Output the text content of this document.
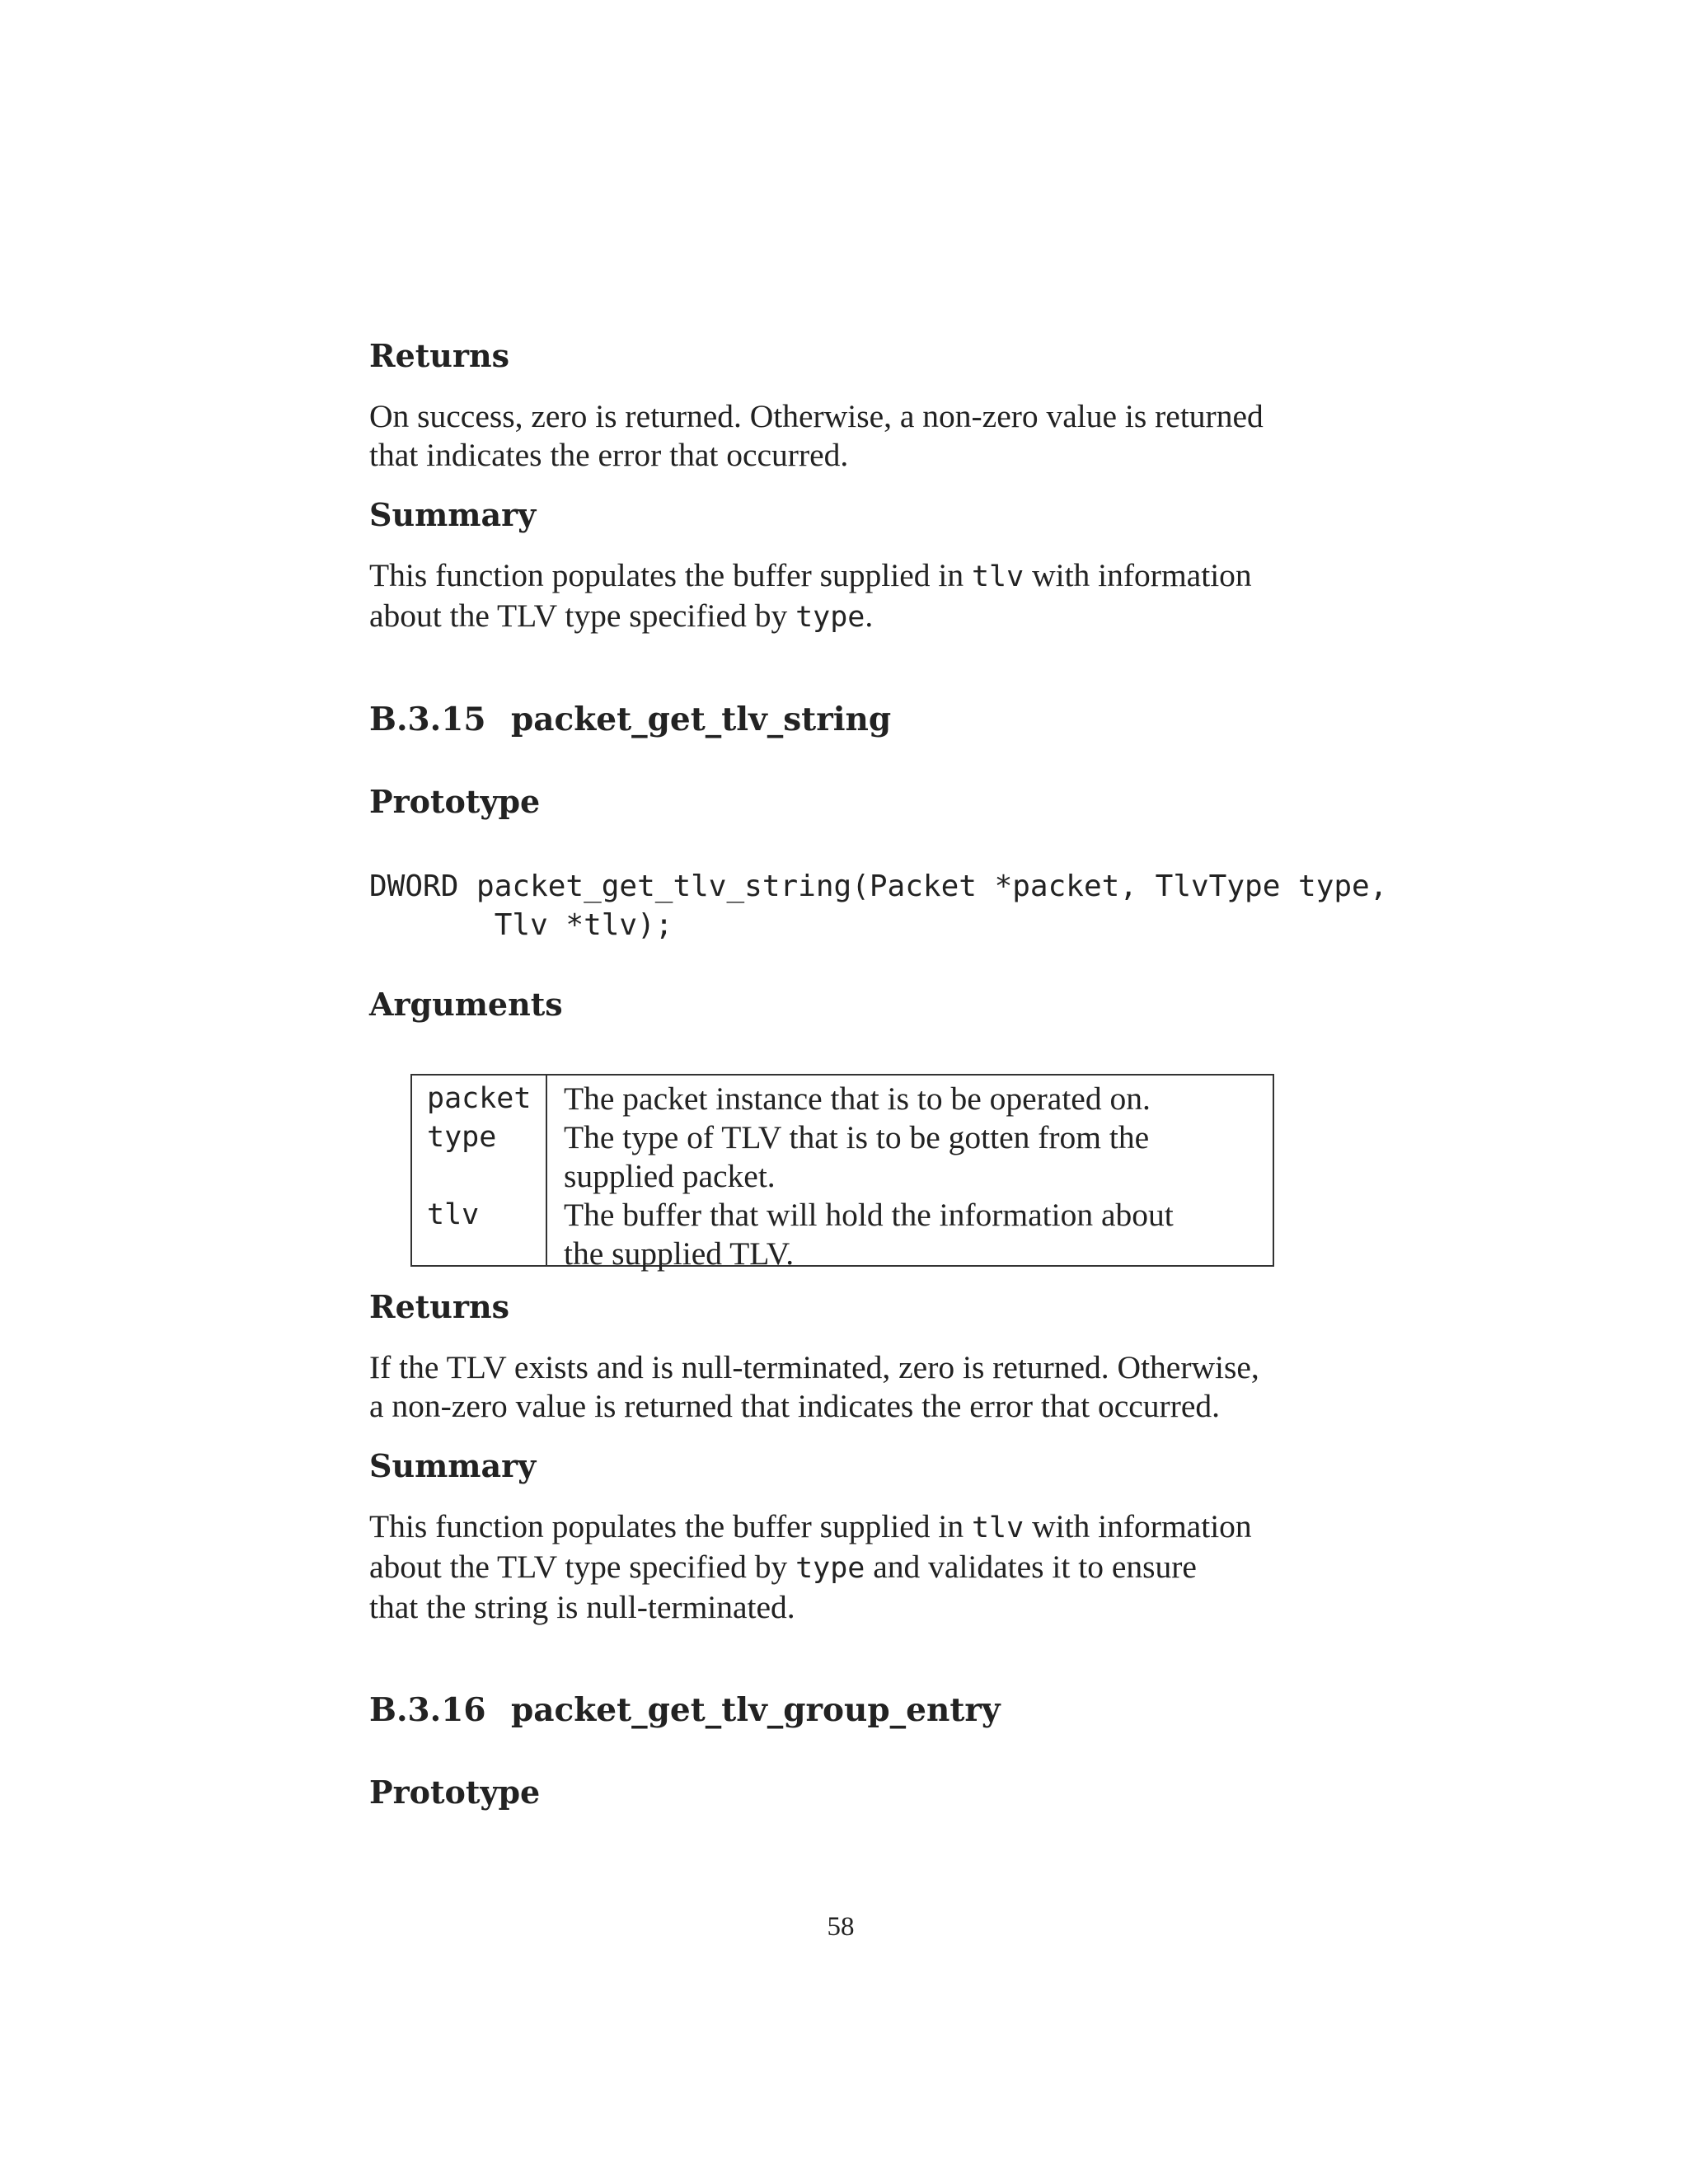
Returns

On success, zero is returned. Otherwise, a non-zero value is returned

that indicates the error that occurred.

Summary

This function populates the buffer supplied in tlv with information

about the TLV type specified by type.

B.3.15 packet_get_tlv_string
Prototype
DWORD packet_get_tlv_string(Packet *packet, TlvType type,
Tlv *tlv);
Arguments
packet The packet instance that is to be operated on.

type The type of TLV that is to be gotten from the

supplied packet.

tlv	The buffer that will hold the information about

the supplied TLV.

Returns

If the TLV exists and is null-terminated, zero is returned. Otherwise,

a non-zero value is returned that indicates the error that occurred.

Summary

This function populates the buffer supplied in tlv with information

about the TLV type specified by type and validates it to ensure

that the string is null-terminated.

B.3.16 packet_get_tlv_group_entry
Prototype
58
